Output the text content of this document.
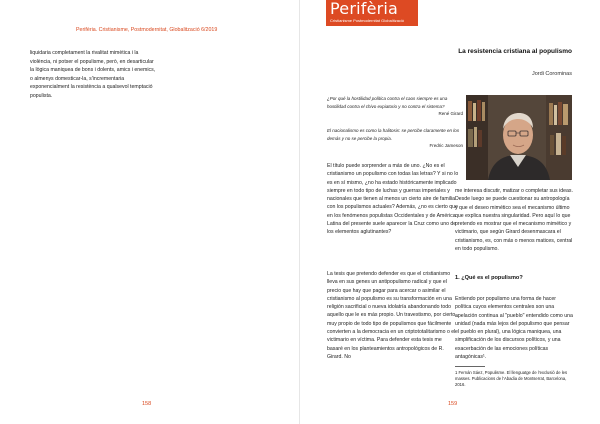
Perifèria. Cristianisme, Postmodernitat, Globalització 6/2019

liquidaria completament la rivalitat mimètica i la violència, ni potser el populisme, però, en desarticular la lògica maniquea de bons i dolents, amics i enemics, o almenys domesticar-la, s'incrementaria exponencialment la resistència a qualsevol temptació populista.

158
Perifèria
Cristianisme Postmodernitat Globalització
La resistencia cristiana al populismo
Jordi Corominas

¿Por qué la hostilidad política contra el caos siempre es una hostilidad contra el chivo expiatorio y no contra el sistema?

René Girard

El nacionalismo es como la halitosis: se percibe claramente en los demás y no se percibe la propia.

Fredric Jameson

El título puede sorprender a más de uno. ¿No es el cristianismo un populismo con todas las letras? Y si no lo es en sí mismo, ¿no ha estado históricamente implicado siempre en todo tipo de luchas y guerras imperiales y nacionales que tienen al menos un cierto aire de familia con los populismos actuales? Además, ¿no es cierto que en los fenómenos populistas Occidentales y de América Latina del presente suele aparecer la Cruz como uno de los elementos aglutinantes?

La tesis que pretendo defender es que el cristianismo lleva en sus genes un antipopulismo radical y que el precio que hay que pagar para acercar o asimilar el cristianismo al populismo es su transformación en una religión sacrificial o nueva idolatría abandonando todo aquello que le es más propio. Un travestismo, por cierto, muy propio de todo tipo de populismos que fácilmente convierten a la democracia en un criptototalitarismo o el victimario en víctima. Para defender esta tesis me basaré en los planteamientos antropológicos de R. Girard. No

me interesa discutir, matizar o completar sus ideas. Desde luego se puede cuestionar su antropología y que el deseo mimético sea el mecanismo último que explica nuestra singularidad. Pero aquí lo que pretendo es mostrar que el mecanismo mimético y victimario, que según Girard desenmascara el cristianismo, es, con más o menos matices, central en todo populismo.

1. ¿Qué es el populismo?

Entiendo por populismo una forma de hacer política cuyos elementos centrales son una apelación continua al "pueblo" entendido como una unidad (nada más lejos del populismo que pensar el pueblo en plural), una lógica maniquea, una simplificación de los discursos políticos, y una exacerbación de las emociones políticas antagónicas¹.

1 Fernán Sáez, Populisme. El llenguatge de l'exclusió de les masses. Publicacions de l'Abadia de Montserrat, Barcelona, 2016.
159
